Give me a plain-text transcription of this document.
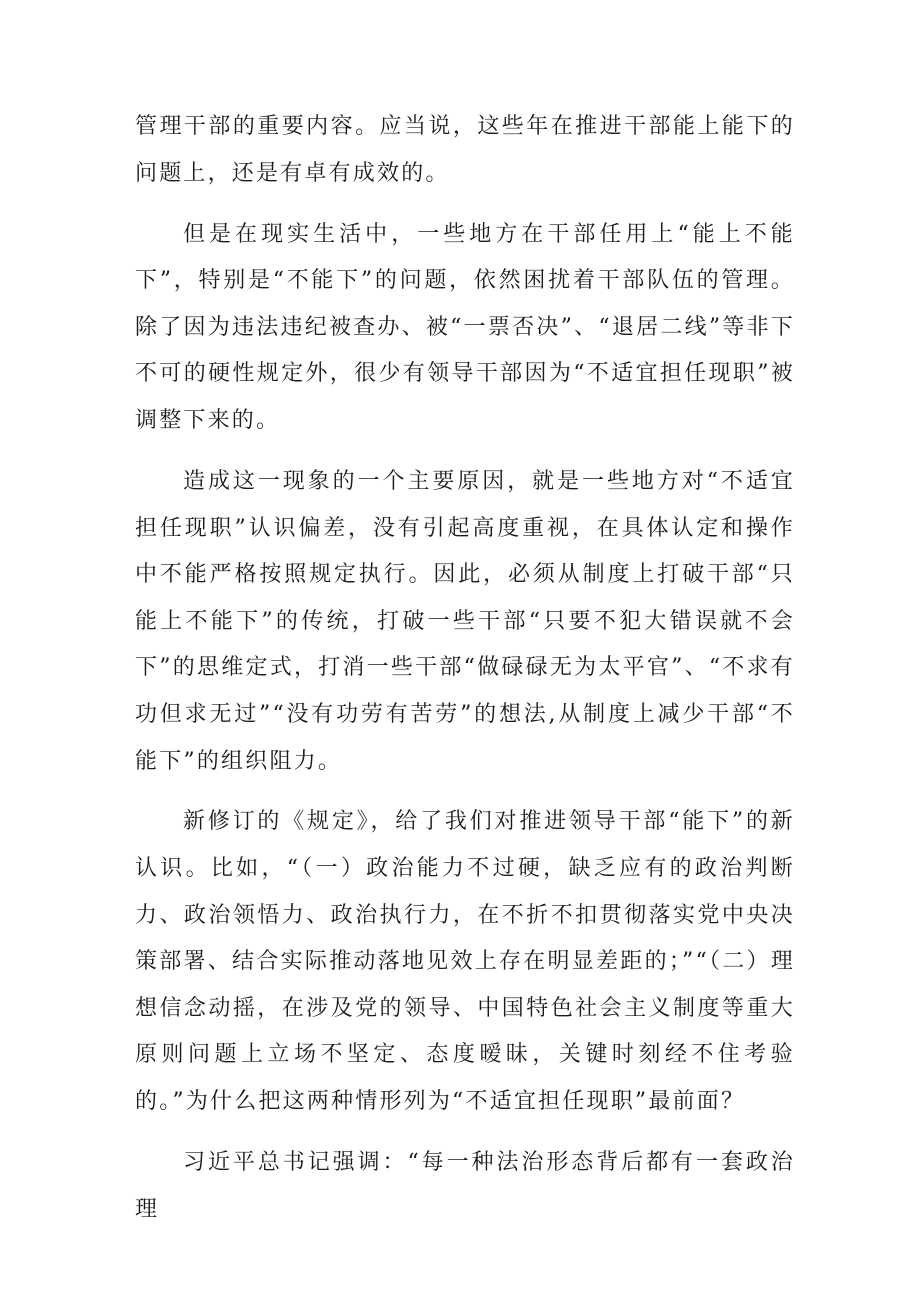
管理干部的重要内容。应当说，这些年在推进干部能上能下的问题上，还是有卓有成效的。

但是在现实生活中，一些地方在干部任用上“能上不能下”，特别是“不能下”的问题，依然困扰着干部队伍的管理。除了因为违法违纪被查办、被“一票否决”、“退居二线”等非下不可的硬性规定外，很少有领导干部因为“不适宜担任现职”被调整下来的。

造成这一现象的一个主要原因，就是一些地方对“不适宜担任现职”认识偏差，没有引起高度重视，在具体认定和操作中不能严格按照规定执行。因此，必须从制度上打破干部“只能上不能下”的传统，打破一些干部“只要不犯大错误就不会下”的思维定式，打消一些干部“做碌碌无为太平官”、“不求有功但求无过”“没有功劳有苦劳”的想法,从制度上减少干部“不能下”的组织阻力。

新修订的《规定》，给了我们对推进领导干部“能下”的新认识。比如，“（一）政治能力不过硬，缺乏应有的政治判断力、政治领悟力、政治执行力，在不折不扣贯彻落实党中央决策部署、结合实际推动落地见效上存在明显差距的；”“（二）理想信念动摇，在涉及党的领导、中国特色社会主义制度等重大原则问题上立场不坚定、态度暧昧，关键时刻经不住考验的。”为什么把这两种情形列为“不适宜担任现职”最前面？

习近平总书记强调：“每一种法治形态背后都有一套政治理
